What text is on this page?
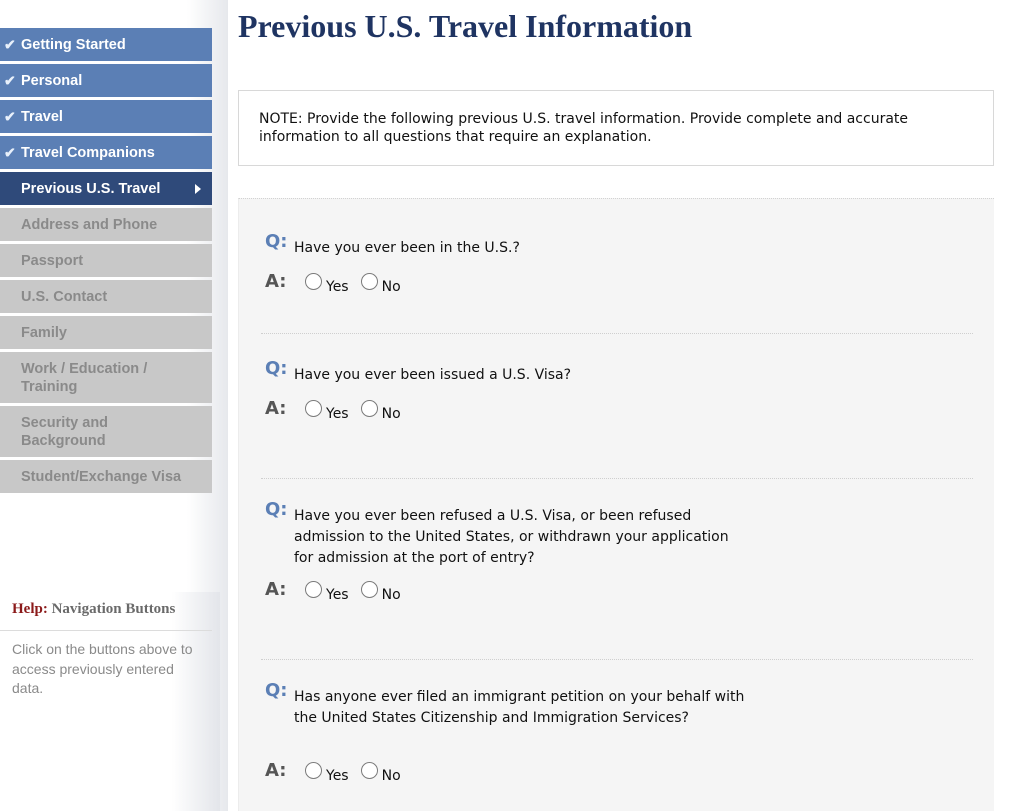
✔ Getting Started
✔ Personal
✔ Travel
✔ Travel Companions
Previous U.S. Travel
Address and Phone
Passport
U.S. Contact
Family
Work / Education / Training
Security and Background
Student/Exchange Visa
Help: Navigation Buttons
Click on the buttons above to access previously entered data.
Previous U.S. Travel Information
NOTE: Provide the following previous U.S. travel information. Provide complete and accurate information to all questions that require an explanation.
Q: Have you ever been in the U.S.?
A:	Yes No
Q: Have you ever been issued a U.S. Visa?
A:	Yes No
Q: Have you ever been refused a U.S. Visa, or been refused admission to the United States, or withdrawn your application for admission at the port of entry?
A:	Yes No
Q: Has anyone ever filed an immigrant petition on your behalf with the United States Citizenship and Immigration Services?
A:	Yes No
